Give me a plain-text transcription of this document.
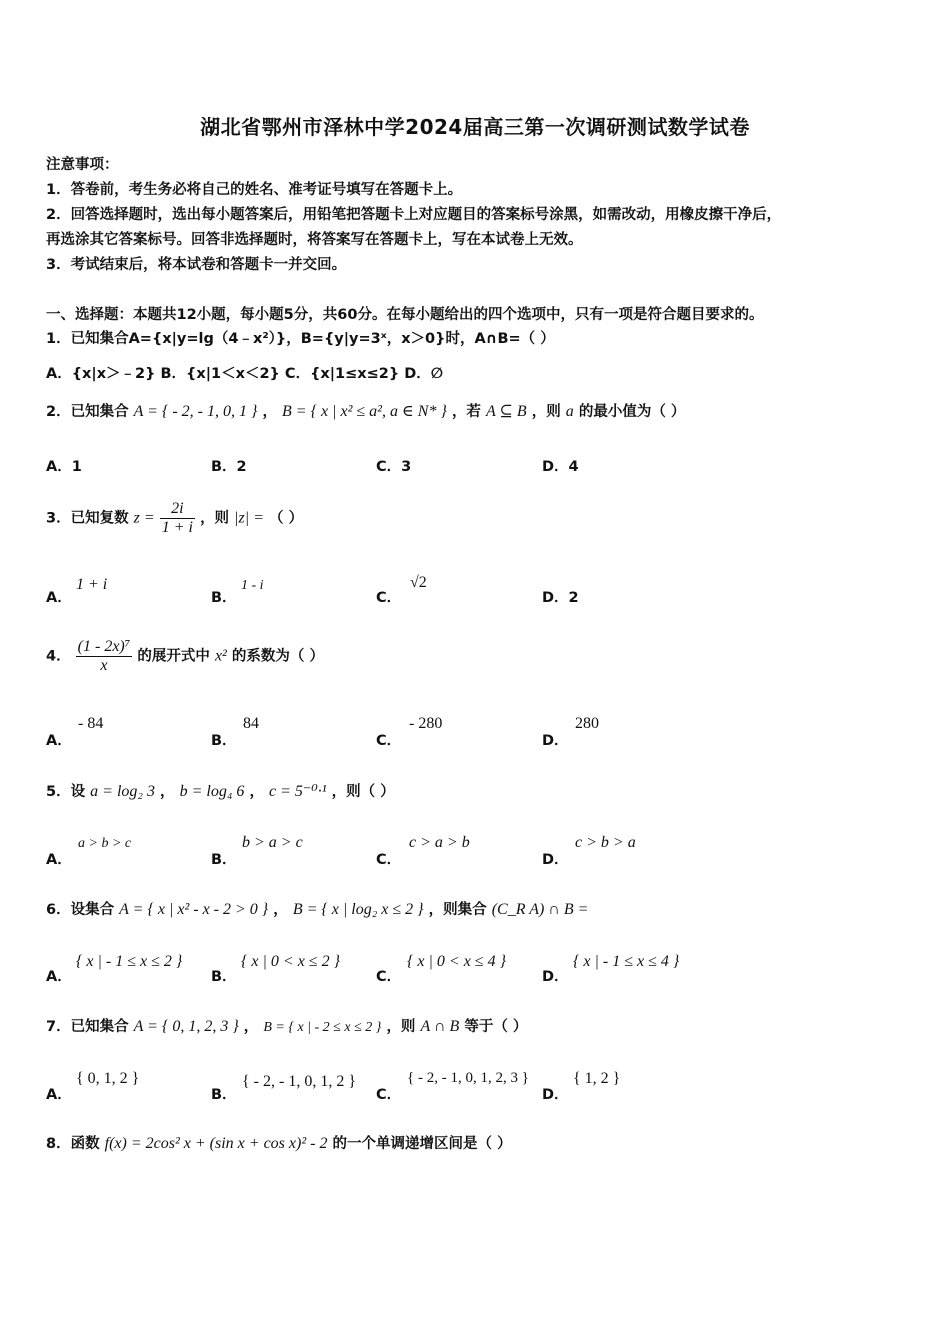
湖北省鄂州市泽林中学2024届高三第一次调研测试数学试卷
注意事项：
1．答卷前，考生务必将自己的姓名、准考证号填写在答题卡上。
2．回答选择题时，选出每小题答案后，用铅笔把答题卡上对应题目的答案标号涂黑，如需改动，用橡皮擦干净后，
再选涂其它答案标号。回答非选择题时，将答案写在答题卡上，写在本试卷上无效。
3．考试结束后，将本试卷和答题卡一并交回。
一、选择题：本题共12小题，每小题5分，共60分。在每小题给出的四个选项中，只有一项是符合题目要求的。
1．已知集合A={x|y=lg（4﹣x²）}，B={y|y=3ˣ，x＞0}时，A∩B=（ ）
A．{x|x＞﹣2} B．{x|1＜x＜2} C．{x|1≤x≤2} D．∅
2．已知集合 A = { - 2, - 1, 0, 1 } ， B = { x | x² ≤ a², a ∈ N* } ，若 A ⊆ B ，则 a 的最小值为（ ）
A．1	B．2	C．3	D．4
3．已知复数 $z = \frac{2i}{1 + i}$ ，则 |z| = （ ）
A．
1 + i
B．
1 - i
C．
√2
D．2
4． $\frac{\text{(1 - 2x)⁷}}{x}$ 的展开式中 x² 的系数为（ ）
A．
- 84
B．
84
C．
- 280
D．
280
5．设 a = log₂ 3 ， b = log₄ 6 ， c = 5⁻⁰·¹ ，则（ ）
A．
a > b > c
B．
b > a > c
C．
c > a > b
D．
c > b > a
6．设集合 A = { x | x² - x - 2 > 0 } ， B = { x | log₂ x ≤ 2 } ，则集合 (C_R A) ∩ B =
A．
{ x | - 1 ≤ x ≤ 2 }
B．
{ x | 0 < x ≤ 2 }
C．
{ x | 0 < x ≤ 4 }
D．
{ x | - 1 ≤ x ≤ 4 }
7．已知集合 A = { 0, 1, 2, 3 } ， B = { x | - 2 ≤ x ≤ 2 } ，则 A ∩ B 等于（ ）
A．
{ 0, 1, 2 }
B．
{ - 2, - 1, 0, 1, 2 }
C．
{ - 2, - 1, 0, 1, 2, 3 }
D．
{ 1, 2 }
8．函数 f(x) = 2cos² x + (sin x + cos x)² - 2 的一个单调递增区间是（ ）
